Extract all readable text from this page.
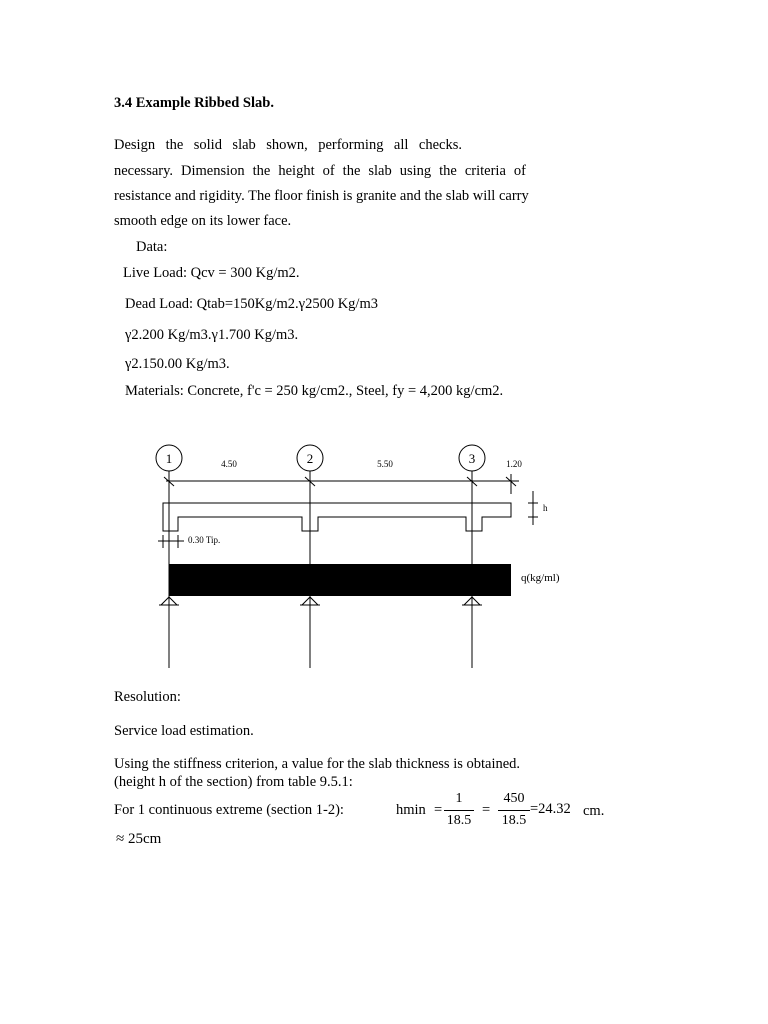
3.4 Example Ribbed Slab.
Design the solid slab shown, performing all checks.
necessary. Dimension the height of the slab using the criteria of
resistance and rigidity. The floor finish is granite and the slab will carry
smooth edge on its lower face.
Data:
Live Load: Qcv = 300 Kg/m2.
Dead Load: Qtab=150Kg/m2.γ2500 Kg/m3
γ2.200 Kg/m3.γ1.700 Kg/m3.
γ2.150.00 Kg/m3.
Materials: Concrete, f'c = 250 kg/cm2., Steel, fy = 4,200 kg/cm2.
1	2	3
4.50	5.50	1.20
h
0.30 Tip.
q(kg/ml)
Resolution:
Service load estimation.
Using the stiffness criterion, a value for the slab thickness is obtained.
(height h of the section) from table 9.5.1:
For 1 continuous extreme (section 1-2):	$hmin = \frac{1}{18.5} = \frac{450}{18.5} =24.32$ cm.
≈ 25cm
